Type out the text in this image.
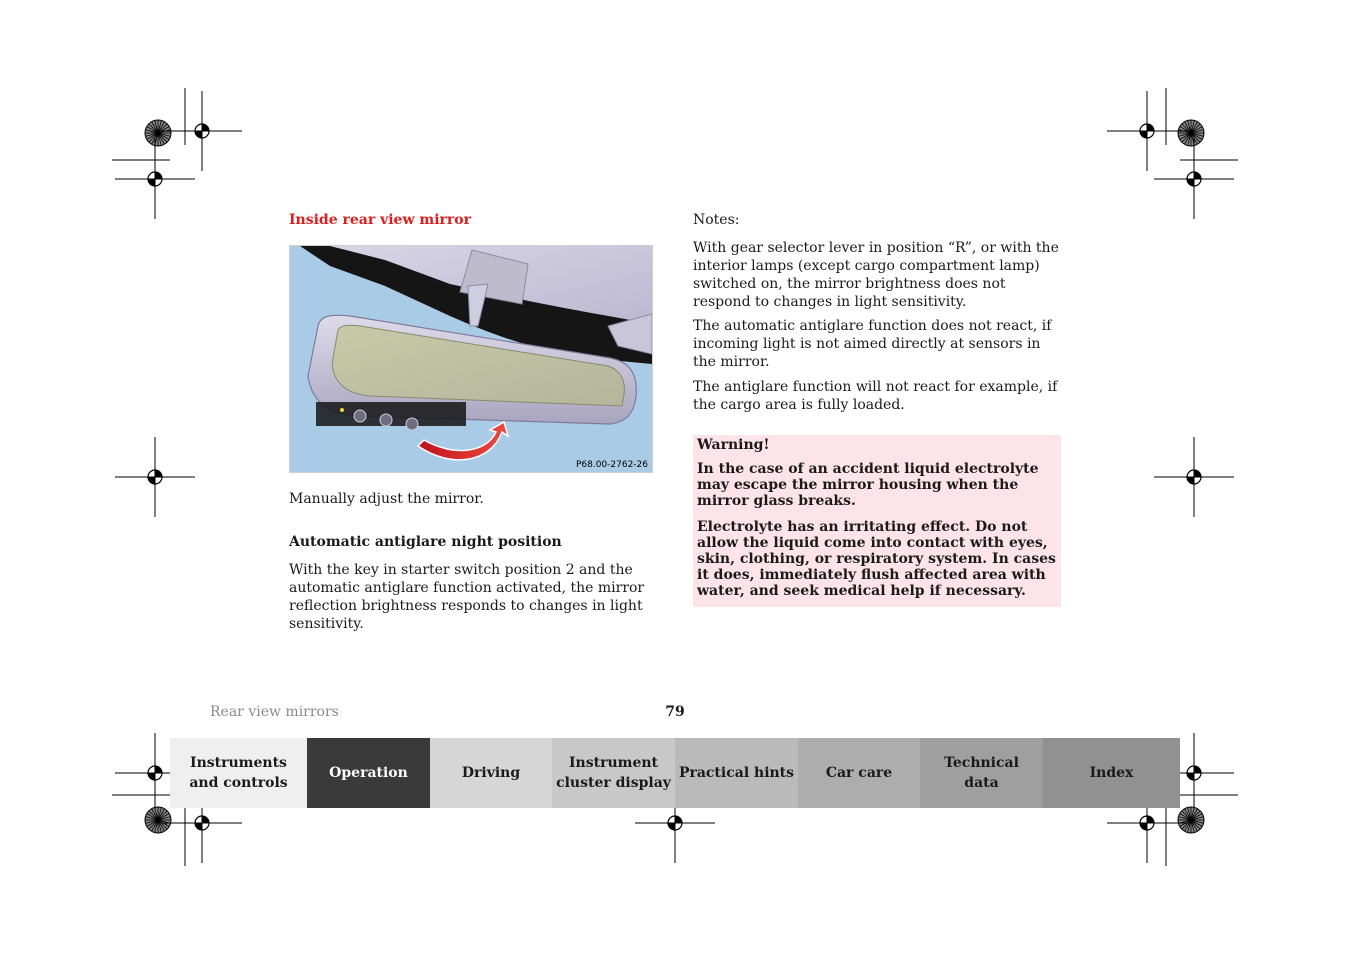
Inside rear view mirror
P68.00-2762-26
Manually adjust the mirror.
Automatic antiglare night position
With the key in starter switch position 2 and the automatic antiglare function activated, the mirror reflection brightness responds to changes in light sensitivity.
Notes:
With gear selector lever in position “R”, or with the interior lamps (except cargo compartment lamp) switched on, the mirror brightness does not respond to changes in light sensitivity.
The automatic antiglare function does not react, if incoming light is not aimed directly at sensors in the mirror.
The antiglare function will not react for example, if the cargo area is fully loaded.
Warning!
In the case of an accident liquid electrolyte may escape the mirror housing when the mirror glass breaks.
Electrolyte has an irritating effect. Do not allow the liquid come into contact with eyes, skin, clothing, or respiratory system. In cases it does, immediately flush affected area with water, and seek medical help if necessary.
Rear view mirrors	79
Instruments
and controls
Operation	Driving
Instrument
cluster display
Practical hints Car care
Technical
data
Index
